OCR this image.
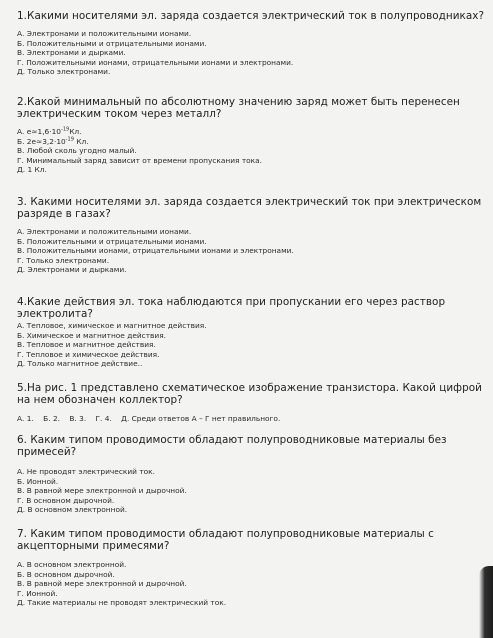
1.Какими носителями эл. заряда создается электрический ток в полупроводниках?
А. Электронами и положительными ионами.
Б. Положительными и отрицательными ионами.
В. Электронами и дырками.
Г. Положительными ионами, отрицательными ионами и электронами.
Д. Только электронами.
2.Какой минимальный по абсолютному значению заряд может быть перенесен электрическим током через металл?
А. $е\approx 1,6\cdot 10^{-19}Кл$.
Б. $2е\approx 3,2\cdot 10^{-19}$ Кл.
В. Любой сколь угодно малый.
Г. Минимальный заряд зависит от времени пропускания тока.
Д. 1 Кл.
3. Какими носителями эл. заряда создается электрический ток при электрическом разряде в газах?
А. Электронами и положительными ионами.
Б. Положительными и отрицательными ионами.
В. Положительными ионами, отрицательными ионами и электронами.
Г. Только электронами.
Д. Электронами и дырками.
4.Какие действия эл. тока наблюдаются при пропускании его через раствор электролита?
А. Тепловое, химическое и магнитное действия.
Б. Химическое и магнитное действия.
В. Тепловое и магнитное действия.
Г. Тепловое и химическое действия.
Д. Только магнитное действие..
5.На рис. 1 представлено схематическое изображение транзистора. Какой цифрой на нем обозначен коллектор?
А. 1. Б. 2. В. 3. Г. 4. Д. Среди ответов А – Г нет правильного.
6. Каким типом проводимости обладают полупроводниковые материалы без примесей?
А. Не проводят электрический ток.
Б. Ионной.
В. В равной мере электронной и дырочной.
Г. В основном дырочной.
Д. В основном электронной.
7. Каким типом проводимости обладают полупроводниковые материалы с акцепторными примесями?
А. В основном электронной.
Б. В основном дырочной.
В. В равной мере электронной и дырочной.
Г. Ионной.
Д. Такие материалы не проводят электрический ток.
